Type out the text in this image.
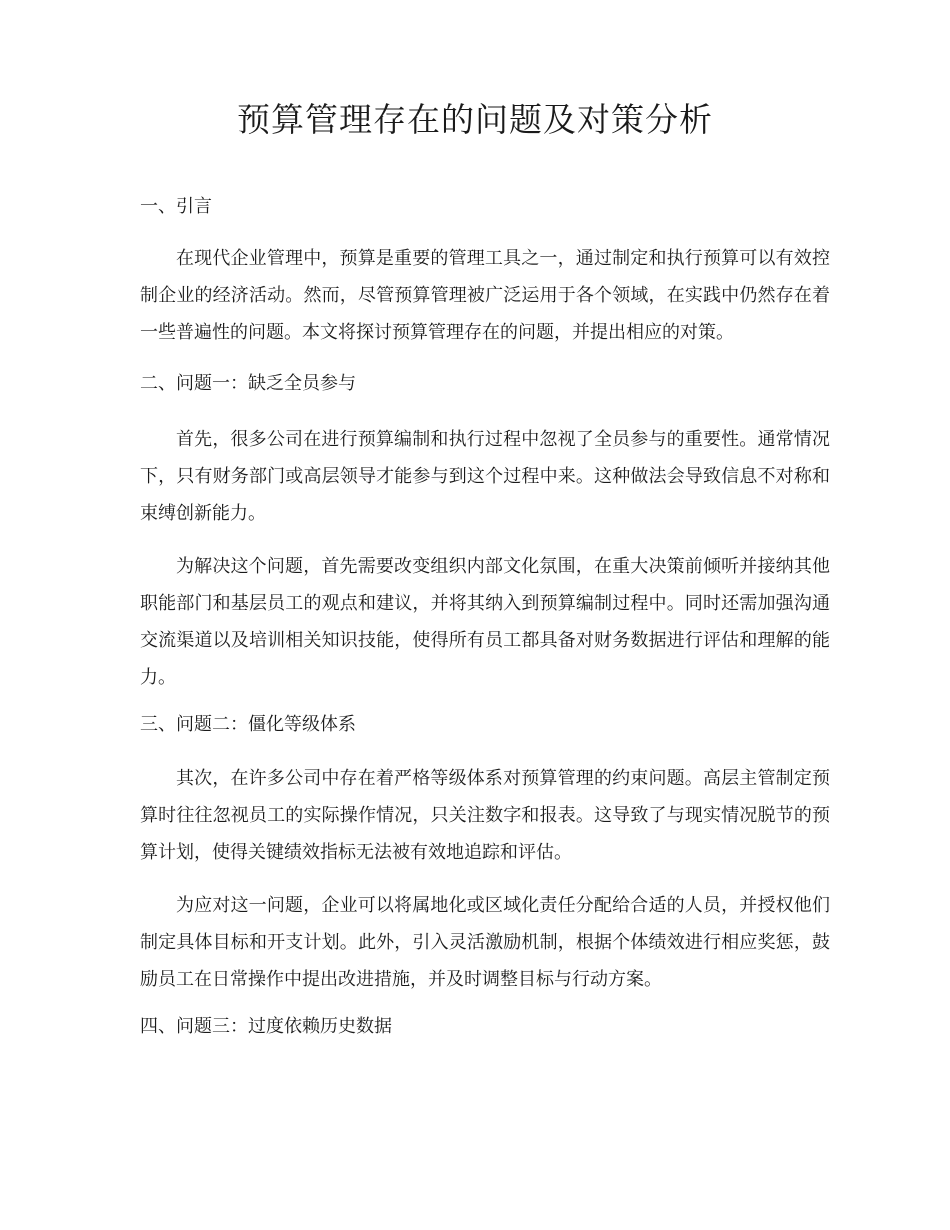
预算管理存在的问题及对策分析
一、引言

在现代企业管理中，预算是重要的管理工具之一，通过制定和执行预算可以有效控制企业的经济活动。然而，尽管预算管理被广泛运用于各个领域，在实践中仍然存在着一些普遍性的问题。本文将探讨预算管理存在的问题，并提出相应的对策。

二、问题一：缺乏全员参与

首先，很多公司在进行预算编制和执行过程中忽视了全员参与的重要性。通常情况下，只有财务部门或高层领导才能参与到这个过程中来。这种做法会导致信息不对称和束缚创新能力。

为解决这个问题，首先需要改变组织内部文化氛围，在重大决策前倾听并接纳其他职能部门和基层员工的观点和建议，并将其纳入到预算编制过程中。同时还需加强沟通交流渠道以及培训相关知识技能，使得所有员工都具备对财务数据进行评估和理解的能力。

三、问题二：僵化等级体系

其次，在许多公司中存在着严格等级体系对预算管理的约束问题。高层主管制定预算时往往忽视员工的实际操作情况，只关注数字和报表。这导致了与现实情况脱节的预算计划，使得关键绩效指标无法被有效地追踪和评估。

为应对这一问题，企业可以将属地化或区域化责任分配给合适的人员，并授权他们制定具体目标和开支计划。此外，引入灵活激励机制，根据个体绩效进行相应奖惩，鼓励员工在日常操作中提出改进措施，并及时调整目标与行动方案。

四、问题三：过度依赖历史数据
